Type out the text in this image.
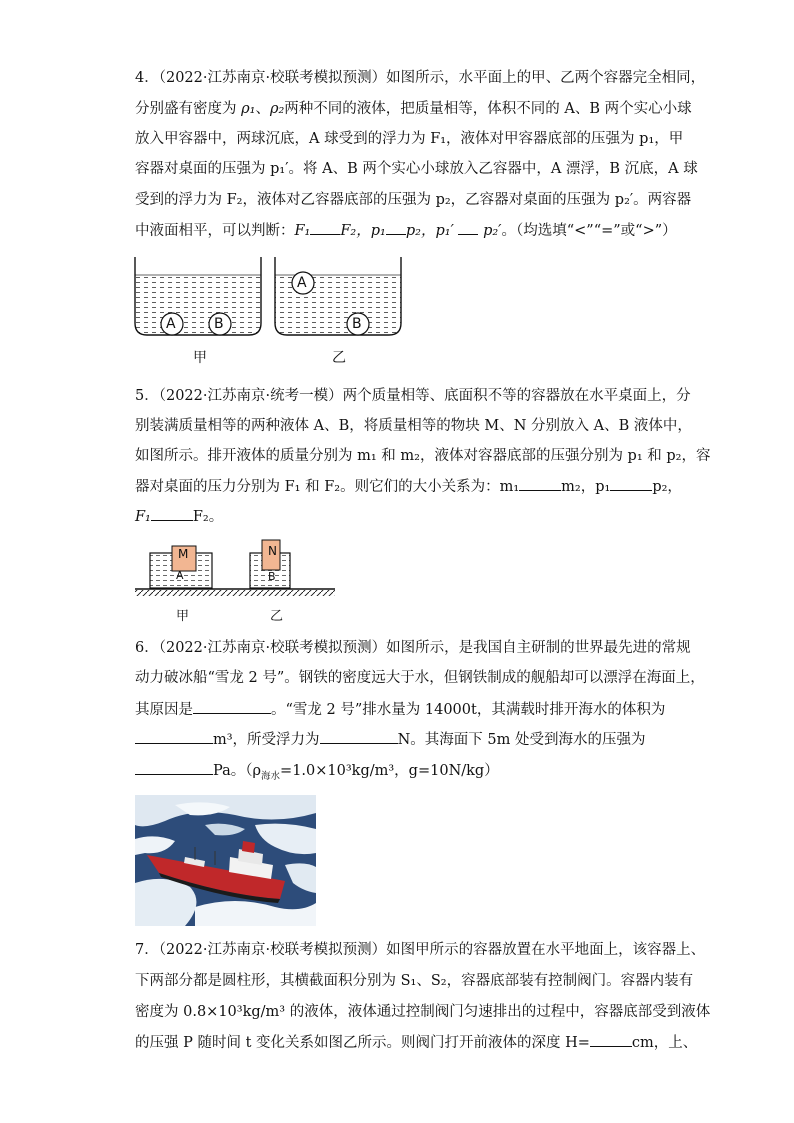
4．（2022·江苏南京·校联考模拟预测）如图所示，水平面上的甲、乙两个容器完全相同，
分别盛有密度为 ρ₁、ρ₂两种不同的液体，把质量相等，体积不同的 A、B 两个实心小球
放入甲容器中，两球沉底，A 球受到的浮力为 F₁，液体对甲容器底部的压强为 p₁，甲
容器对桌面的压强为 p₁′。将 A、B 两个实心小球放入乙容器中，A 漂浮，B 沉底，A 球
受到的浮力为 F₂，液体对乙容器底部的压强为 p₂，乙容器对桌面的压强为 p₂′。两容器
中液面相平，可以判断：F₁ F₂，p₁ p₂，p₁′ p₂′。（均选填“<”“=”或“>”）
A	B
A
B
甲	乙
5．（2022·江苏南京·统考一模）两个质量相等、底面积不等的容器放在水平桌面上，分
别装满质量相等的两种液体 A、B，将质量相等的物块 M、N 分别放入 A、B 液体中，
如图所示。排开液体的质量分别为 m₁ 和 m₂，液体对容器底部的压强分别为 p₁ 和 p₂，容
器对桌面的压力分别为 F₁ 和 F₂。则它们的大小关系为：m₁	m₂，p₁	p₂，
F₁	F₂。
M
A
N
B
甲	乙
6．（2022·江苏南京·校联考模拟预测）如图所示，是我国自主研制的世界最先进的常规
动力破冰船“雪龙 2 号”。钢铁的密度远大于水，但钢铁制成的舰船却可以漂浮在海面上，
其原因是	。“雪龙 2 号”排水量为 14000t，其满载时排开海水的体积为
m³，所受浮力为	N。其海面下 5m 处受到海水的压强为
Pa。（$\rho_{海水}=1.0\times 10^3kg/m^3$，g=10N/kg）
7．（2022·江苏南京·校联考模拟预测）如图甲所示的容器放置在水平地面上，该容器上、
下两部分都是圆柱形，其横截面积分别为 S₁、S₂，容器底部装有控制阀门。容器内装有
密度为 0.8×10³kg/m³ 的液体，液体通过控制阀门匀速排出的过程中，容器底部受到液体
的压强 P 随时间 t 变化关系如图乙所示。则阀门打开前液体的深度 H=	cm，上、
